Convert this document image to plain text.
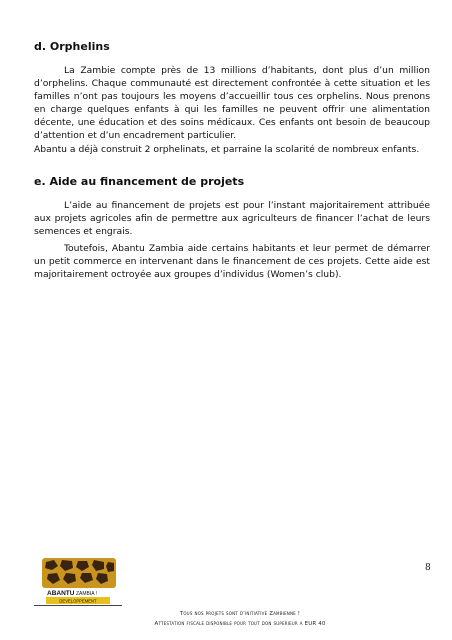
d. Orphelins

La Zambie compte près de 13 millions d’habitants, dont plus d’un million d’orphelins. Chaque communauté est directement confrontée à cette situation et les familles n’ont pas toujours les moyens d’accueillir tous ces orphelins. Nous prenons en charge quelques enfants à qui les familles ne peuvent offrir une alimentation décente, une éducation et des soins médicaux. Ces enfants ont besoin de beaucoup d’attention et d’un encadrement particulier.

Abantu a déjà construit 2 orphelinats, et parraine la scolarité de nombreux enfants.

e. Aide au financement de projets

L’aide au financement de projets est pour l’instant majoritairement attribuée aux projets agricoles afin de permettre aux agriculteurs de financer l’achat de leurs semences et engrais.

Toutefois, Abantu Zambia aide certains habitants et leur permet de démarrer un petit commerce en intervenant dans le financement de ces projets. Cette aide est majoritairement octroyée aux groupes d’individus (Women’s club).

8
ABANTU ZAMBIA !
DEVELOPPEMENT
Tous nos projets sont d’initiative Zambienne !
Attestation fiscale disponible pour tout don superieur a EUR 40
